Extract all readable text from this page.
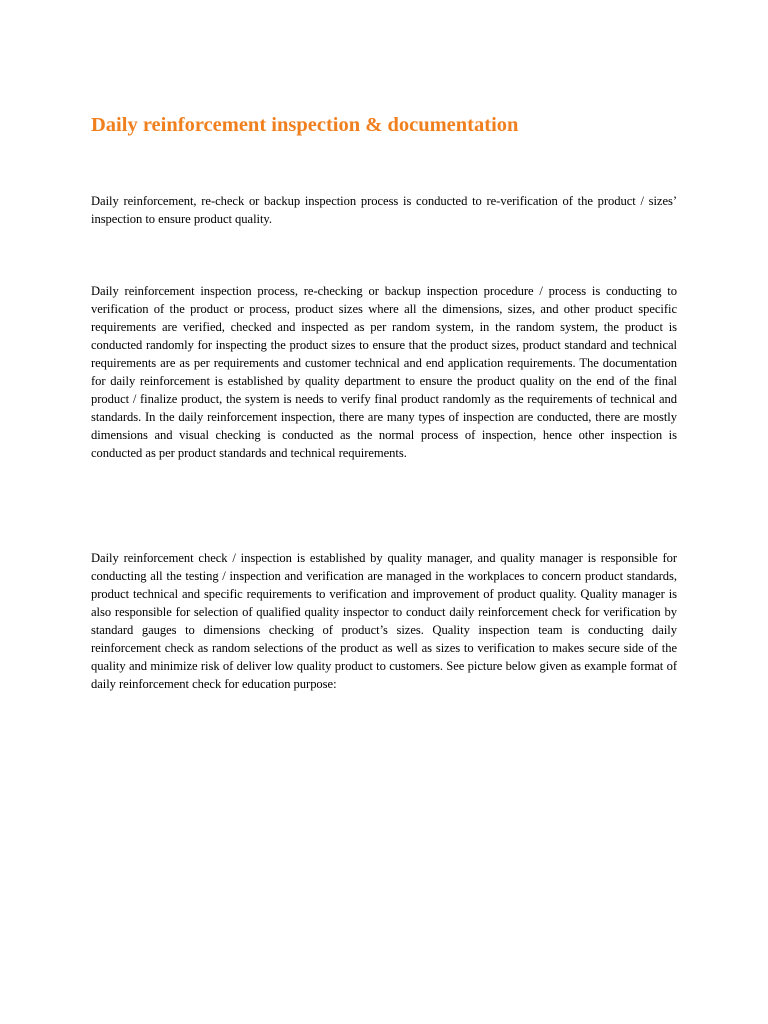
Daily reinforcement inspection & documentation

Daily reinforcement, re-check or backup inspection process is conducted to re-verification of the product / sizes’ inspection to ensure product quality.

Daily reinforcement inspection process, re-checking or backup inspection procedure / process is conducting to verification of the product or process, product sizes where all the dimensions, sizes, and other product specific requirements are verified, checked and inspected as per random system, in the random system, the product is conducted randomly for inspecting the product sizes to ensure that the product sizes, product standard and technical requirements are as per requirements and customer technical and end application requirements. The documentation for daily reinforcement is established by quality department to ensure the product quality on the end of the final product / finalize product, the system is needs to verify final product randomly as the requirements of technical and standards. In the daily reinforcement inspection, there are many types of inspection are conducted, there are mostly dimensions and visual checking is conducted as the normal process of inspection, hence other inspection is conducted as per product standards and technical requirements.

Daily reinforcement check / inspection is established by quality manager, and quality manager is responsible for conducting all the testing / inspection and verification are managed in the workplaces to concern product standards, product technical and specific requirements to verification and improvement of product quality. Quality manager is also responsible for selection of qualified quality inspector to conduct daily reinforcement check for verification by standard gauges to dimensions checking of product’s sizes. Quality inspection team is conducting daily reinforcement check as random selections of the product as well as sizes to verification to makes secure side of the quality and minimize risk of deliver low quality product to customers. See picture below given as example format of daily reinforcement check for education purpose:
